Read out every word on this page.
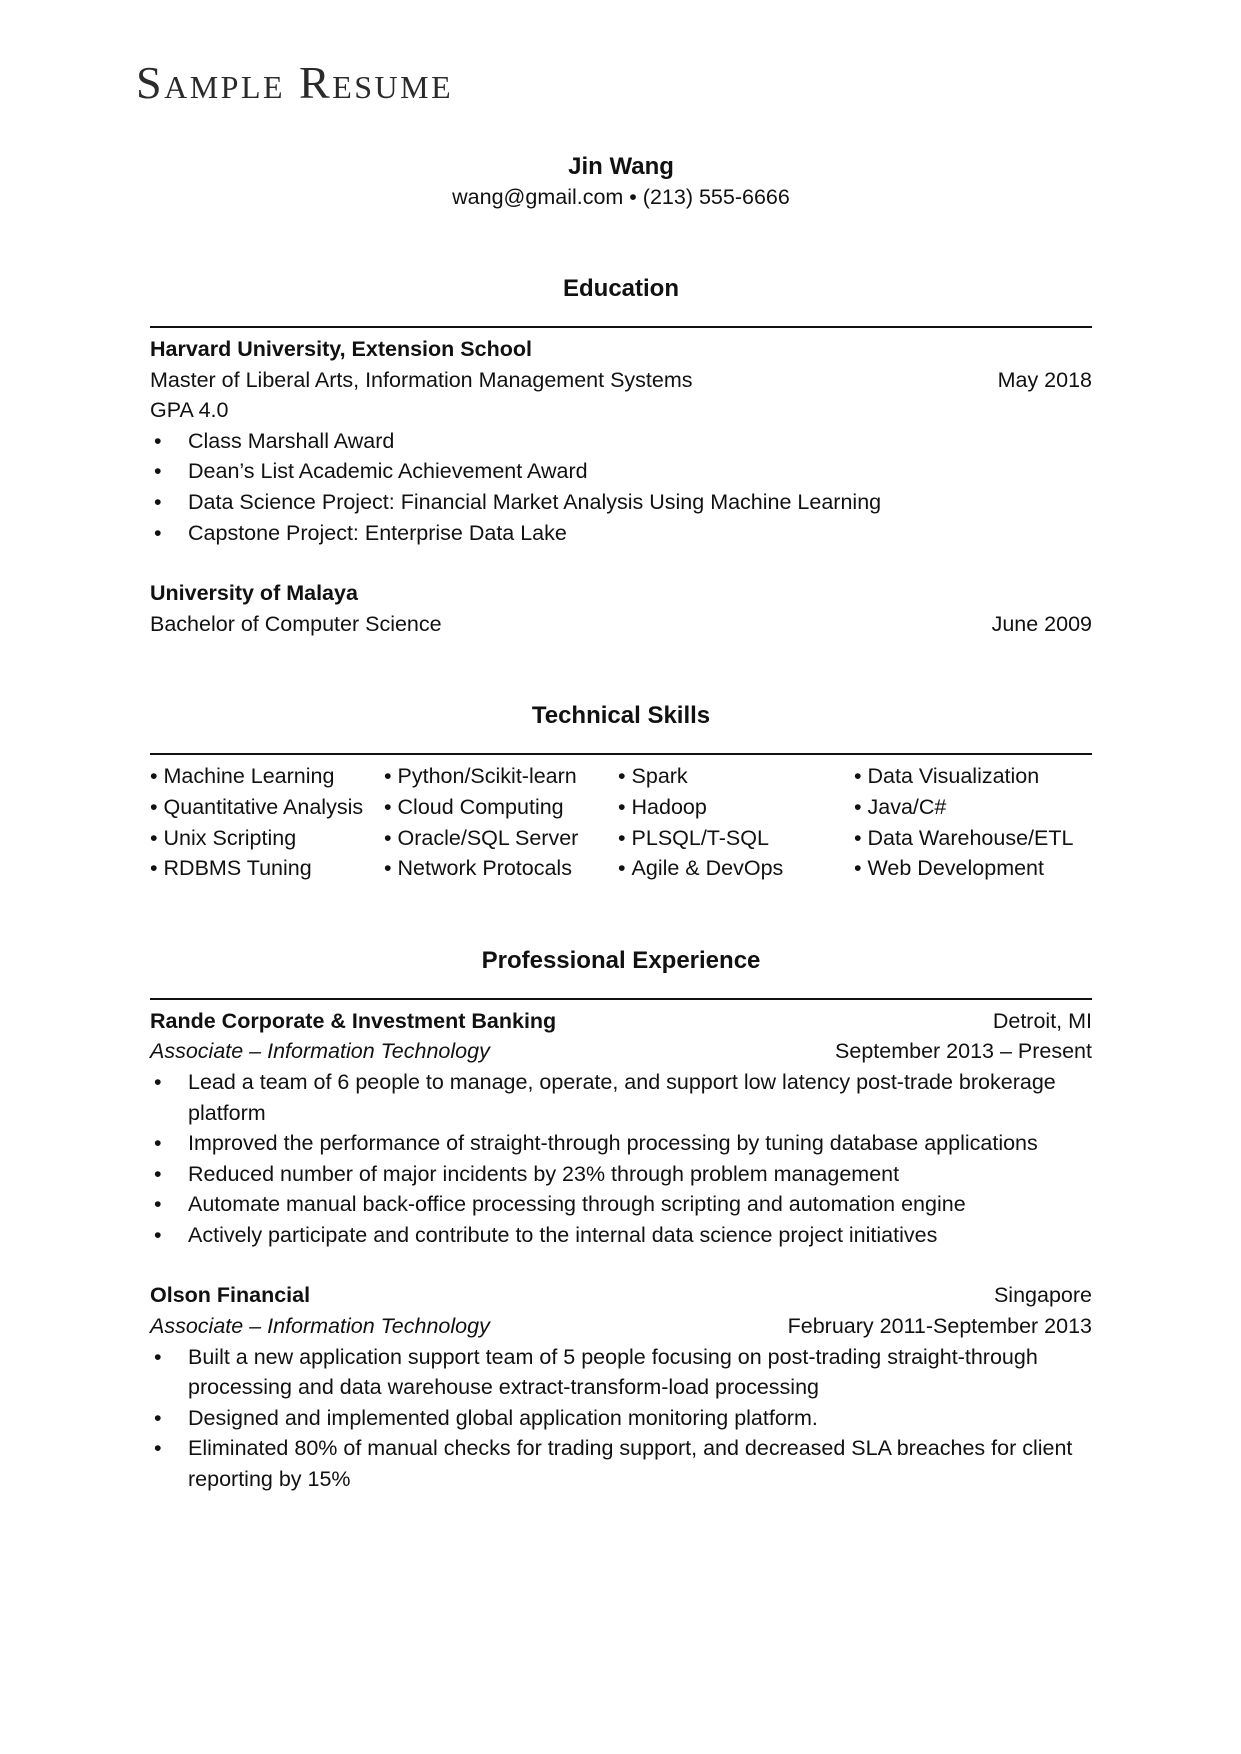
Sample Resume
Jin Wang
wang@gmail.com • (213) 555-6666
Education
Harvard University, Extension School
Master of Liberal Arts, Information Management Systems	May 2018
GPA 4.0
• Class Marshall Award
• Dean’s List Academic Achievement Award
• Data Science Project: Financial Market Analysis Using Machine Learning
• Capstone Project: Enterprise Data Lake
University of Malaya
Bachelor of Computer Science	June 2009
Technical Skills
• Machine Learning	• Python/Scikit-learn	• Spark	• Data Visualization
• Quantitative Analysis	• Cloud Computing	• Hadoop	• Java/C#
• Unix Scripting	• Oracle/SQL Server	• PLSQL/T-SQL	• Data Warehouse/ETL
• RDBMS Tuning	• Network Protocals	• Agile & DevOps	• Web Development
Professional Experience
Rande Corporate & Investment Banking	Detroit, MI
Associate – Information Technology	September 2013 – Present
• Lead a team of 6 people to manage, operate, and support low latency post-trade brokerage platform
• Improved the performance of straight-through processing by tuning database applications
• Reduced number of major incidents by 23% through problem management
• Automate manual back-office processing through scripting and automation engine
• Actively participate and contribute to the internal data science project initiatives
Olson Financial	Singapore
Associate – Information Technology	February 2011-September 2013
• Built a new application support team of 5 people focusing on post-trading straight-through processing and data warehouse extract-transform-load processing
• Designed and implemented global application monitoring platform.
• Eliminated 80% of manual checks for trading support, and decreased SLA breaches for client reporting by 15%
